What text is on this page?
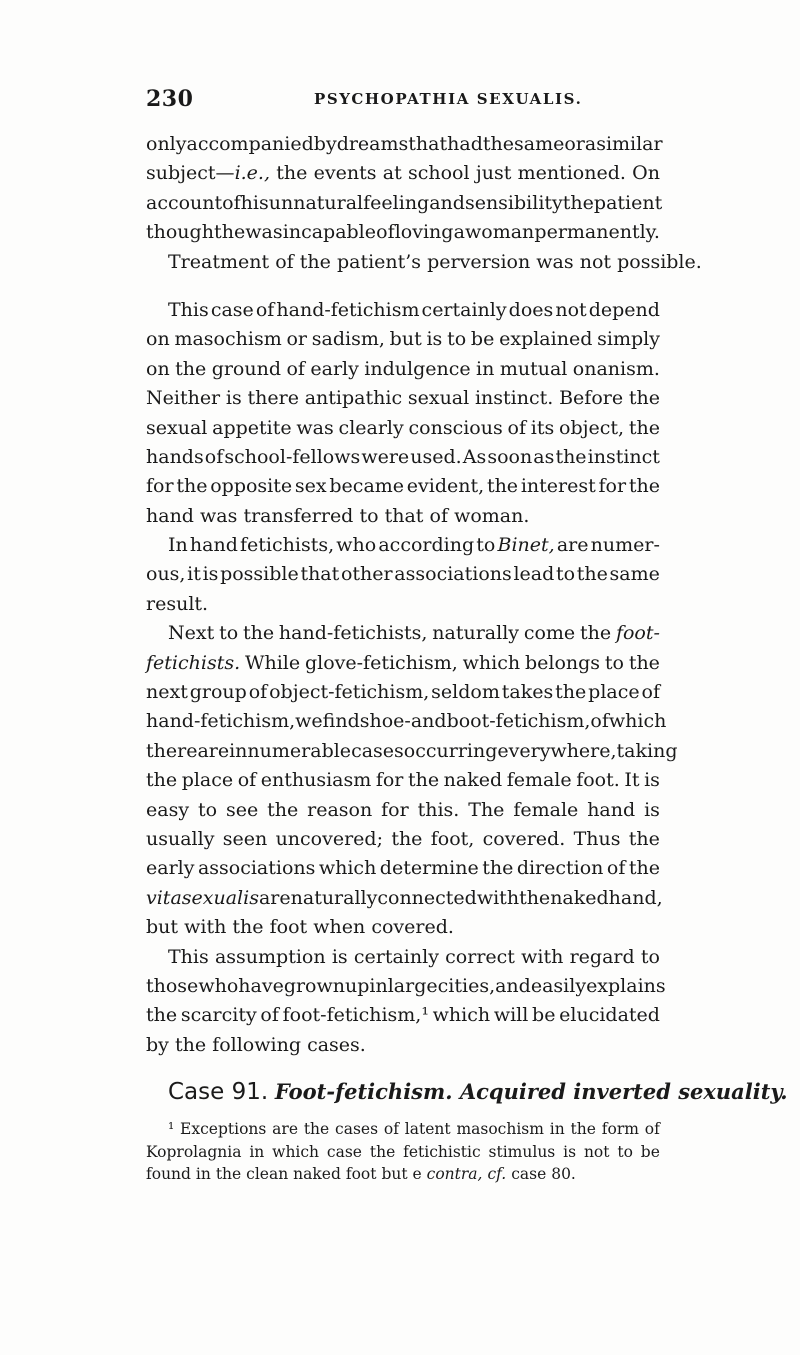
230	PSYCHOPATHIA SEXUALIS.
only accompanied by dreams that had the same or a similar
subject—i.e., the events at school just mentioned. On
account of his unnatural feeling and sensibility the patient
thought he was incapable of loving a woman permanently.
Treatment of the patient’s perversion was not possible.
This case of hand-fetichism certainly does not depend
on masochism or sadism, but is to be explained simply
on the ground of early indulgence in mutual onanism.
Neither is there antipathic sexual instinct. Before the
sexual appetite was clearly conscious of its object, the
hands of school-fellows were used. As soon as the instinct
for the opposite sex became evident, the interest for the
hand was transferred to that of woman.
In hand fetichists, who according to Binet, are numer-
ous, it is possible that other associations lead to the same
result.
Next to the hand-fetichists, naturally come the foot-
fetichists. While glove-fetichism, which belongs to the
next group of object-fetichism, seldom takes the place of
hand-fetichism, we find shoe- and boot-fetichism, of which
there are innumerable cases occurring everywhere, taking
the place of enthusiasm for the naked female foot. It is
easy to see the reason for this. The female hand is
usually seen uncovered; the foot, covered. Thus the
early associations which determine the direction of the
vita sexualis are naturally connected with the naked hand,
but with the foot when covered.
This assumption is certainly correct with regard to
those who have grown up in large cities, and easily explains
the scarcity of foot-fetichism,¹ which will be elucidated
by the following cases.
Case 91. Foot-fetichism. Acquired inverted sexuality.
¹ Exceptions are the cases of latent masochism in the form of
Koprolagnia in which case the fetichistic stimulus is not to be
found in the clean naked foot but e contra, cf. case 80.
